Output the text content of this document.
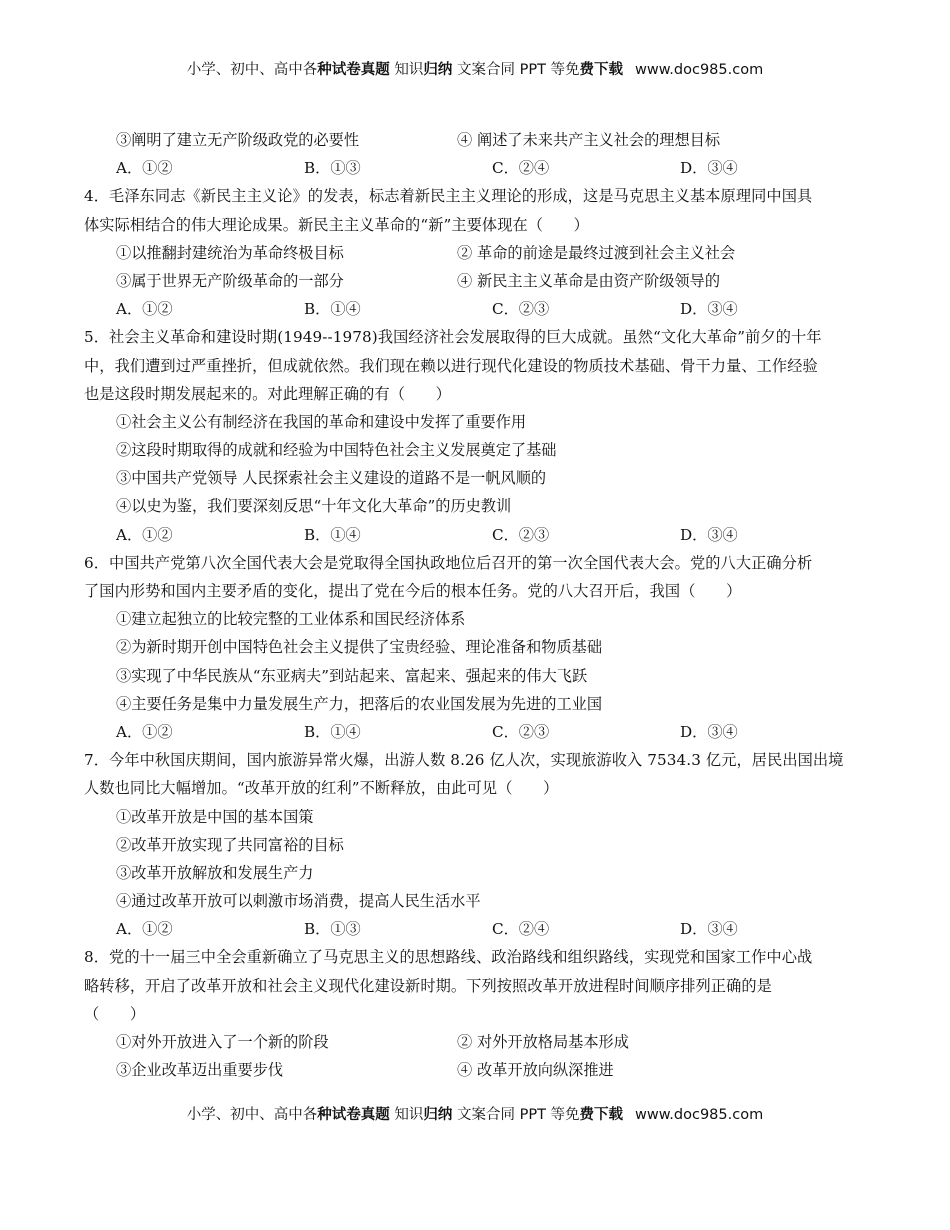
小学、初中、高中各种试卷真题 知识归纳 文案合同 PPT 等免费下载 www.doc985.com
③阐明了建立无产阶级政党的必要性	④ 阐述了未来共产主义社会的理想目标
A．①②	B．①③	C．②④	D．③④
4．毛泽东同志《新民主主义论》的发表，标志着新民主主义理论的形成，这是马克思主义基本原理同中国具
体实际相结合的伟大理论成果。新民主主义革命的“新”主要体现在（　　）
①以推翻封建统治为革命终极目标	② 革命的前途是最终过渡到社会主义社会
③属于世界无产阶级革命的一部分	④ 新民主主义革命是由资产阶级领导的
A．①②	B．①④	C．②③	D．③④
5．社会主义革命和建设时期(1949--1978)我国经济社会发展取得的巨大成就。虽然“文化大革命”前夕的十年
中，我们遭到过严重挫折，但成就依然。我们现在赖以进行现代化建设的物质技术基础、骨干力量、工作经验
也是这段时期发展起来的。对此理解正确的有（　　）
①社会主义公有制经济在我国的革命和建设中发挥了重要作用
②这段时期取得的成就和经验为中国特色社会主义发展奠定了基础
③中国共产党领导 人民探索社会主义建设的道路不是一帆风顺的
④以史为鉴，我们要深刻反思“十年文化大革命”的历史教训
A．①②	B．①④	C．②③	D．③④
6．中国共产党第八次全国代表大会是党取得全国执政地位后召开的第一次全国代表大会。党的八大正确分析
了国内形势和国内主要矛盾的变化，提出了党在今后的根本任务。党的八大召开后，我国（　　）
①建立起独立的比较完整的工业体系和国民经济体系
②为新时期开创中国特色社会主义提供了宝贵经验、理论准备和物质基础
③实现了中华民族从“东亚病夫”到站起来、富起来、强起来的伟大飞跃
④主要任务是集中力量发展生产力，把落后的农业国发展为先进的工业国
A．①②	B．①④	C．②③	D．③④
7．今年中秋国庆期间，国内旅游异常火爆，出游人数 8.26 亿人次，实现旅游收入 7534.3 亿元，居民出国出境
人数也同比大幅增加。“改革开放的红利”不断释放，由此可见（　　）
①改革开放是中国的基本国策
②改革开放实现了共同富裕的目标
③改革开放解放和发展生产力
④通过改革开放可以刺激市场消费，提高人民生活水平
A．①②	B．①③	C．②④	D．③④
8．党的十一届三中全会重新确立了马克思主义的思想路线、政治路线和组织路线，实现党和国家工作中心战
略转移，开启了改革开放和社会主义现代化建设新时期。下列按照改革开放进程时间顺序排列正确的是
（　　）
①对外开放进入了一个新的阶段	② 对外开放格局基本形成
③企业改革迈出重要步伐	④ 改革开放向纵深推进
小学、初中、高中各种试卷真题 知识归纳 文案合同 PPT 等免费下载 www.doc985.com
